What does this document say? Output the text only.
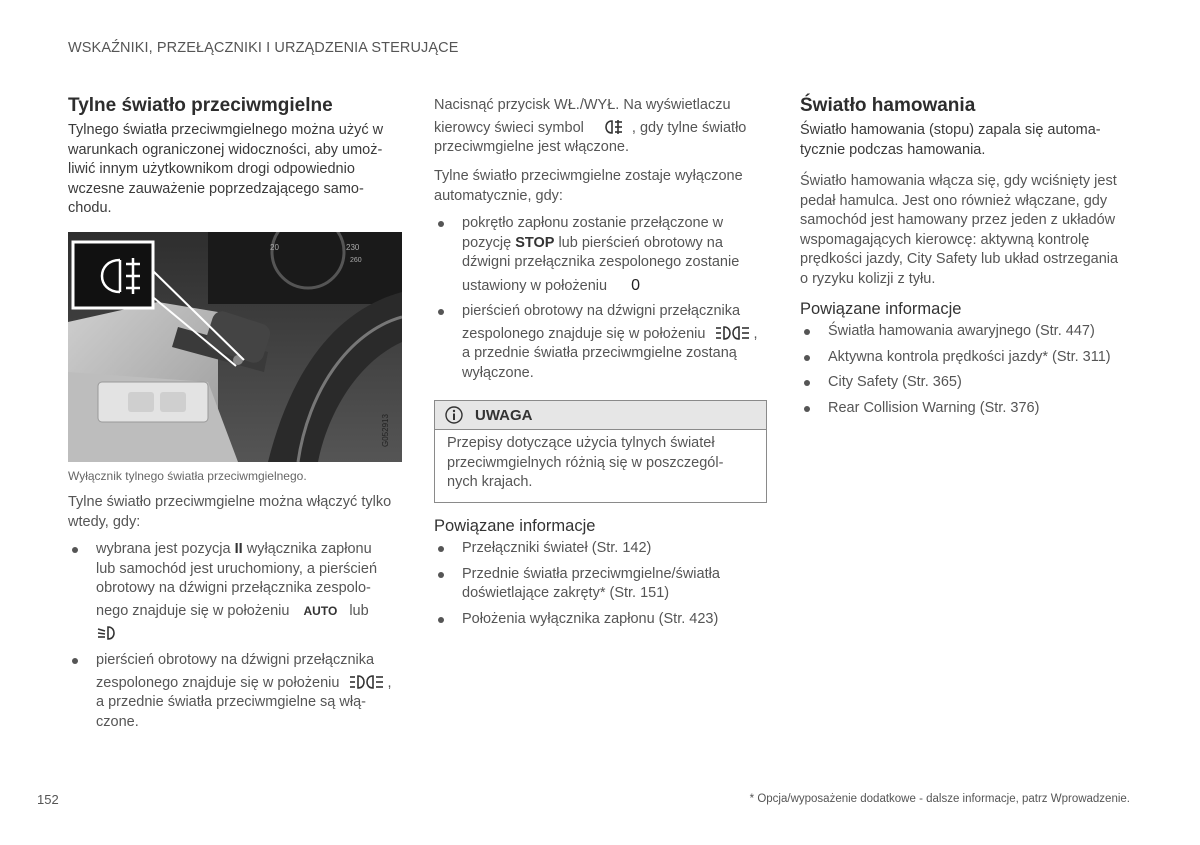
WSKAŹNIKI, PRZEŁĄCZNIKI I URZĄDZENIA STERUJĄCE
Tylne światło przeciwmgielne
Tylnego światła przeciwmgielnego można użyć w
warunkach ograniczonej widoczności, aby umoż-
liwić innym użytkownikom drogi odpowiednio
wczesne zauważenie poprzedzającego samo-
chodu.
20	230
260
G052913
Wyłącznik tylnego światła przeciwmgielnego.
Tylne światło przeciwmgielne można włączyć tylko
wtedy, gdy:
wybrana jest pozycja II wyłącznika zapłonu
lub samochód jest uruchomiony, a pierścień
obrotowy na dźwigni przełącznika zespolo-
nego znajduje się w położeniu AUTO lub
pierścień obrotowy na dźwigni przełącznika
zespolonego znajduje się w położeniu	,
a przednie światła przeciwmgielne są włą-
czone.
Nacisnąć przycisk WŁ./WYŁ. Na wyświetlaczu
kierowcy świeci symbol	, gdy tylne światło
przeciwmgielne jest włączone.
Tylne światło przeciwmgielne zostaje wyłączone
automatycznie, gdy:
pokrętło zapłonu zostanie przełączone w
pozycję STOP lub pierścień obrotowy na
dźwigni przełącznika zespolonego zostanie
ustawiony w położeniu 0
pierścień obrotowy na dźwigni przełącznika
zespolonego znajduje się w położeniu	,
a przednie światła przeciwmgielne zostaną
wyłączone.
UWAGA
Przepisy dotyczące użycia tylnych świateł
przeciwmgielnych różnią się w poszczegól-
nych krajach.
Powiązane informacje
Przełączniki świateł (Str. 142)
Przednie światła przeciwmgielne/światła
doświetlające zakręty* (Str. 151)
Położenia wyłącznika zapłonu (Str. 423)
Światło hamowania
Światło hamowania (stopu) zapala się automa-
tycznie podczas hamowania.
Światło hamowania włącza się, gdy wciśnięty jest
pedał hamulca. Jest ono również włączane, gdy
samochód jest hamowany przez jeden z układów
wspomagających kierowcę: aktywną kontrolę
prędkości jazdy, City Safety lub układ ostrzegania
o ryzyku kolizji z tyłu.
Powiązane informacje
Światła hamowania awaryjnego (Str. 447)
Aktywna kontrola prędkości jazdy* (Str. 311)
City Safety (Str. 365)
Rear Collision Warning (Str. 376)
152	* Opcja/wyposażenie dodatkowe - dalsze informacje, patrz Wprowadzenie.
